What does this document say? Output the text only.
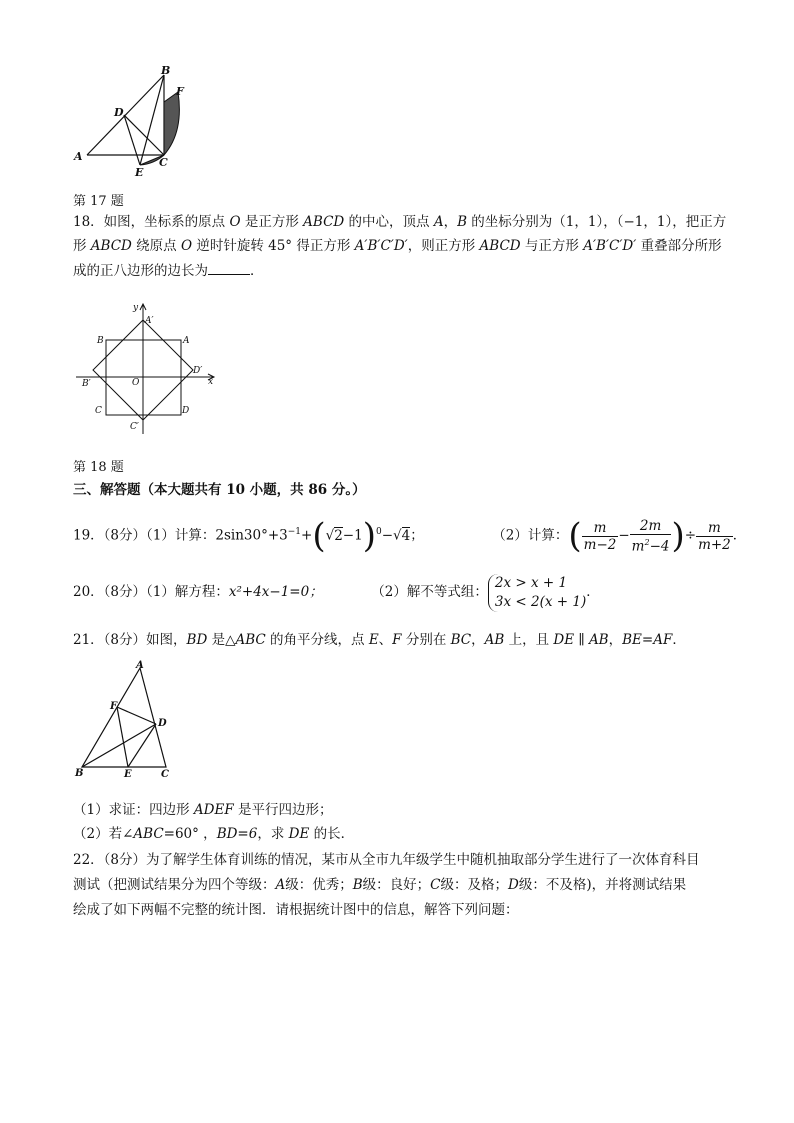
B
F
D
A	C
E
第 17 题
18．如图，坐标系的原点 O 是正方形 ABCD 的中心，顶点 A，B 的坐标分别为（1，1），（−1，1），把正方
形 ABCD 绕原点 O 逆时针旋转 45° 得正方形 A′B′C′D′，则正方形 ABCD 与正方形 A′B′C′D′ 重叠部分所形
成的正八边形的边长为	．
y
x
O
A′
A
B
D′
B′
C	D
C′
第 18 题
三、解答题（本大题共有 10 小题，共 86 分。）
19．（8分）（1）计算：$2\sin 30^\circ+3^{-1}+(√2-1)^0-√4$；	（2）计算：( $\frac{m}{m-2} - \frac{2m}{m^2-4}$ )÷ $\frac{m}{m+2}$ ．
20．（8分）（1）解方程：x²+4x−1=0；	（2）解不等式组：
2x > x + 1
3x < 2(x + 1)
．
21．（8分）如图，BD 是△ABC 的角平分线，点 E、F 分别在 BC，AB 上，且 DE ∥ AB，BE=AF．
A
F
D
B	E	C
（1）求证：四边形 ADEF 是平行四边形；
（2）若∠ABC=60° ，BD=6，求 DE 的长．
22．（8分）为了解学生体育训练的情况，某市从全市九年级学生中随机抽取部分学生进行了一次体育科目
测试（把测试结果分为四个等级：A级：优秀；B级：良好；C级：及格；D级：不及格)，并将测试结果
绘成了如下两幅不完整的统计图．请根据统计图中的信息，解答下列问题：
